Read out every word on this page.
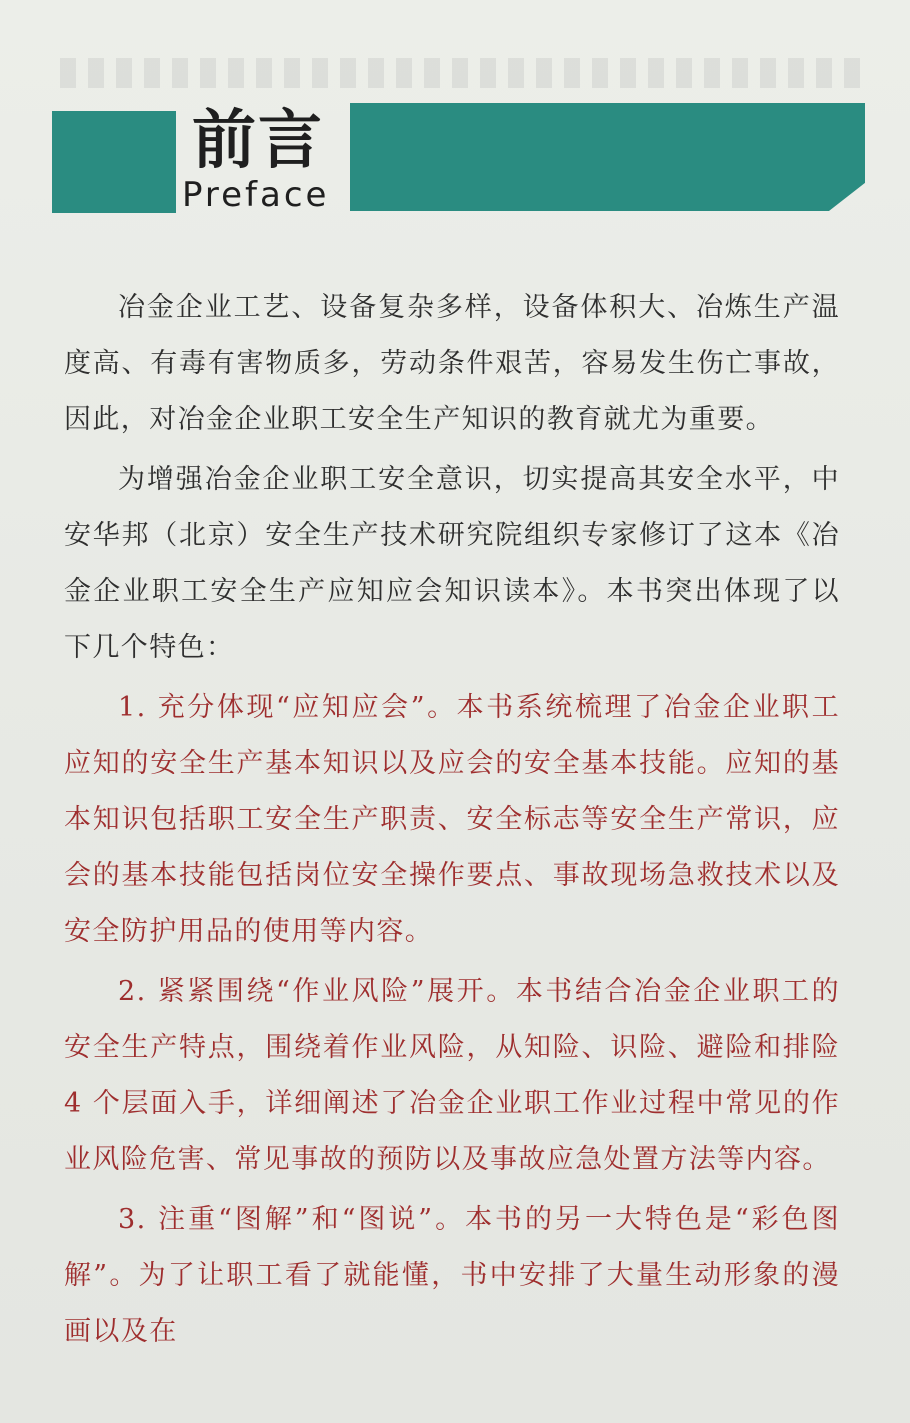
前言
Preface

冶金企业工艺、设备复杂多样，设备体积大、冶炼生产温度高、有毒有害物质多，劳动条件艰苦，容易发生伤亡事故，因此，对冶金企业职工安全生产知识的教育就尤为重要。

为增强冶金企业职工安全意识，切实提高其安全水平，中安华邦（北京）安全生产技术研究院组织专家修订了这本《冶金企业职工安全生产应知应会知识读本》。本书突出体现了以下几个特色：

1. 充分体现“应知应会”。本书系统梳理了冶金企业职工应知的安全生产基本知识以及应会的安全基本技能。应知的基本知识包括职工安全生产职责、安全标志等安全生产常识，应会的基本技能包括岗位安全操作要点、事故现场急救技术以及安全防护用品的使用等内容。

2. 紧紧围绕“作业风险”展开。本书结合冶金企业职工的安全生产特点，围绕着作业风险，从知险、识险、避险和排险 4 个层面入手，详细阐述了冶金企业职工作业过程中常见的作业风险危害、常见事故的预防以及事故应急处置方法等内容。

3. 注重“图解”和“图说”。本书的另一大特色是“彩色图解”。为了让职工看了就能懂，书中安排了大量生动形象的漫画以及在
